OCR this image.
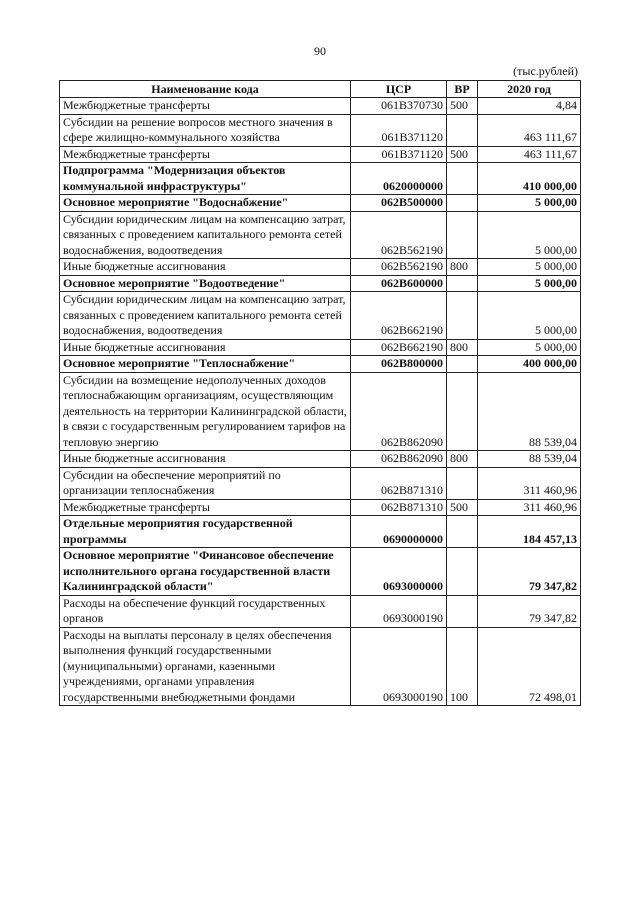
90
(тыс.рублей)
Наименование кода	ЦСР	ВР	2020 год
Межбюджетные трансферты	061В370730	500	4,84
Субсидии на решение вопросов местного значения в сфере жилищно-коммунального хозяйства	061В371120		463 111,67
Межбюджетные трансферты	061В371120	500	463 111,67
Подпрограмма "Модернизация объектов коммунальной инфраструктуры"	0620000000		410 000,00
Основное мероприятие "Водоснабжение"	062В500000		5 000,00
Субсидии юридическим лицам на компенсацию затрат, связанных с проведением капитального ремонта сетей водоснабжения, водоотведения	062В562190		5 000,00
Иные бюджетные ассигнования	062В562190	800	5 000,00
Основное мероприятие "Водоотведение"	062В600000		5 000,00
Субсидии юридическим лицам на компенсацию затрат, связанных с проведением капитального ремонта сетей водоснабжения, водоотведения	062В662190		5 000,00
Иные бюджетные ассигнования	062В662190	800	5 000,00
Основное мероприятие "Теплоснабжение"	062В800000		400 000,00
Субсидии на возмещение недополученных доходов теплоснабжающим организациям, осуществляющим деятельность на территории Калининградской области, в связи с государственным регулированием тарифов на тепловую энергию	062В862090		88 539,04
Иные бюджетные ассигнования	062В862090	800	88 539,04
Субсидии на обеспечение мероприятий по организации теплоснабжения	062В871310		311 460,96
Межбюджетные трансферты	062В871310	500	311 460,96
Отдельные мероприятия государственной программы	0690000000		184 457,13
Основное мероприятие "Финансовое обеспечение исполнительного органа государственной власти Калининградской области"	0693000000		79 347,82
Расходы на обеспечение функций государственных органов	0693000190		79 347,82
Расходы на выплаты персоналу в целях обеспечения выполнения функций государственными (муниципальными) органами, казенными учреждениями, органами управления государственными внебюджетными фондами	0693000190	100	72 498,01
